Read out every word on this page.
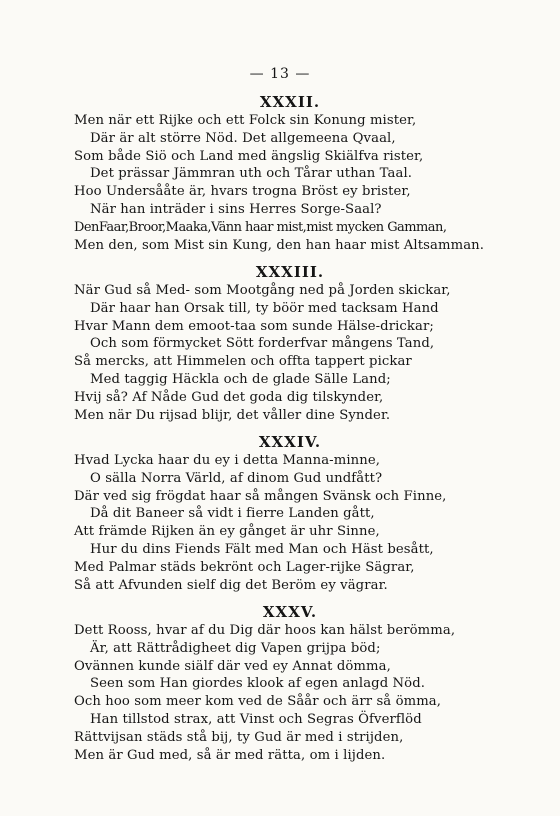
— 13 —
XXXII.
Men när ett Rijke och ett Folck sin Konung mister,
Där är alt större Nöd. Det allgemeena Qvaal,
Som både Siö och Land med ängslig Skiälfva rister,
Det prässar Jämmran uth och Tårar uthan Taal.
Hoo Undersååte är, hvars trogna Bröst ey brister,
När han inträder i sins Herres Sorge-Saal?
DenFaar,Broor,Maaka,Vänn haar mist,mist mycken Gamman,
Men den, som Mist sin Kung, den han haar mist Altsamman.
XXXIII.
När Gud så Med- som Mootgång ned på Jorden skickar,
Där haar han Orsak till, ty böör med tacksam Hand
Hvar Mann dem emoot-taa som sunde Hälse-drickar;
Och som förmycket Sött forderfvar mångens Tand,
Så mercks, att Himmelen och offta tappert pickar
Med taggig Häckla och de glade Sälle Land;
Hvij så? Af Nåde Gud det goda dig tilskynder,
Men när Du rijsad blijr, det våller dine Synder.
XXXIV.
Hvad Lycka haar du ey i detta Manna-minne,
O sälla Norra Värld, af dinom Gud undfått?
Där ved sig frögdat haar så mången Svänsk och Finne,
Då dit Baneer så vidt i fierre Landen gått,
Att främde Rijken än ey gånget är uhr Sinne,
Hur du dins Fiends Fält med Man och Häst besått,
Med Palmar städs bekrönt och Lager-rijke Sägrar,
Så att Afvunden sielf dig det Beröm ey vägrar.
XXXV.
Dett Rooss, hvar af du Dig där hoos kan hälst berömma,
Är, att Rättrådigheet dig Vapen grijpa böd;
Ovännen kunde siälf där ved ey Annat dömma,
Seen som Han giordes klook af egen anlagd Nöd.
Och hoo som meer kom ved de Såår och ärr så ömma,
Han tillstod strax, att Vinst och Segras Öfverflöd
Rättvijsan städs stå bij, ty Gud är med i strijden,
Men är Gud med, så är med rätta, om i lijden.
